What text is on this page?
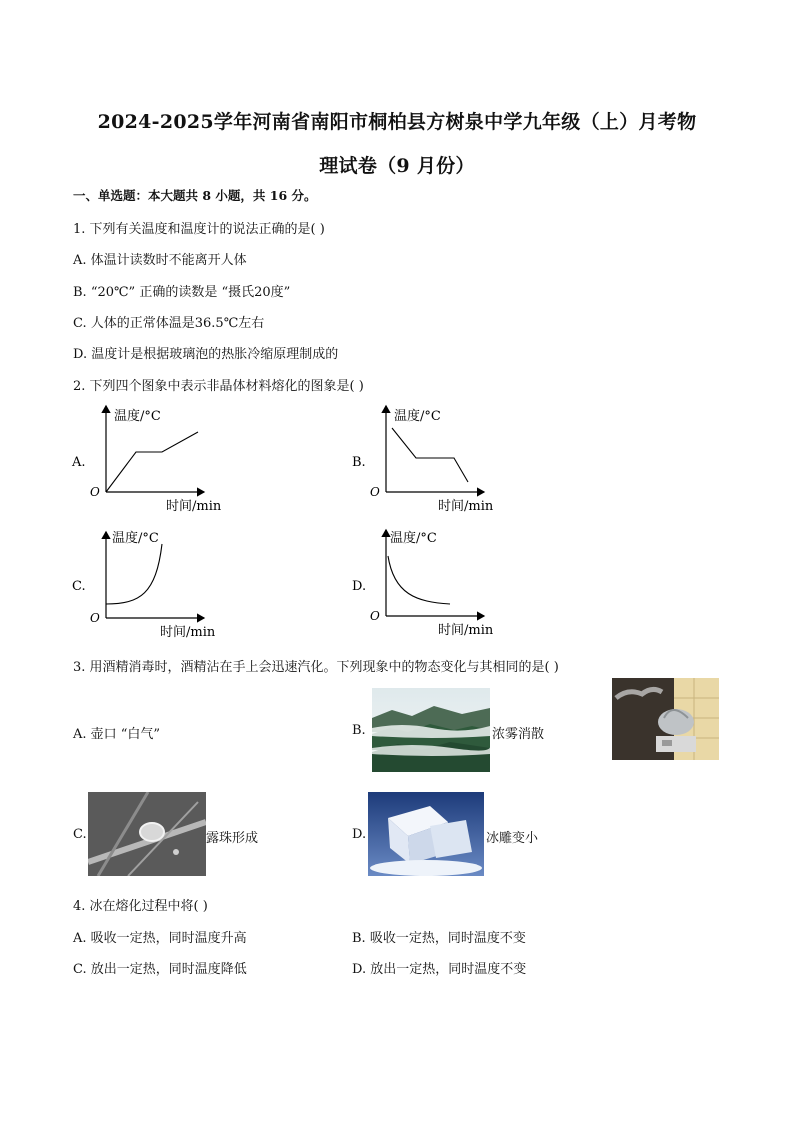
2024-2025学年河南省南阳市桐柏县方树泉中学九年级（上）月考物
理试卷（9 月份）
一、单选题：本大题共 8 小题，共 16 分。
1. 下列有关温度和温度计的说法正确的是( )
A. 体温计读数时不能离开人体
B. “20℃” 正确的读数是 “摄氏20度”
C. 人体的正常体温是36.5℃左右
D. 温度计是根据玻璃泡的热胀冷缩原理制成的
2. 下列四个图象中表示非晶体材料熔化的图象是( )
A.
温度/°C
O
时间/min
B.
温度/°C
O
时间/min
C.
温度/°C
O
时间/min
D.
温度/°C
O
时间/min
3. 用酒精消毒时，酒精沾在手上会迅速汽化。下列现象中的物态变化与其相同的是( )
A. 壶口 “白气”	B.	浓雾消散
C.	露珠形成	D.	冰雕变小
4. 冰在熔化过程中将( )
A. 吸收一定热，同时温度升高	B. 吸收一定热，同时温度不变
C. 放出一定热，同时温度降低	D. 放出一定热，同时温度不变
